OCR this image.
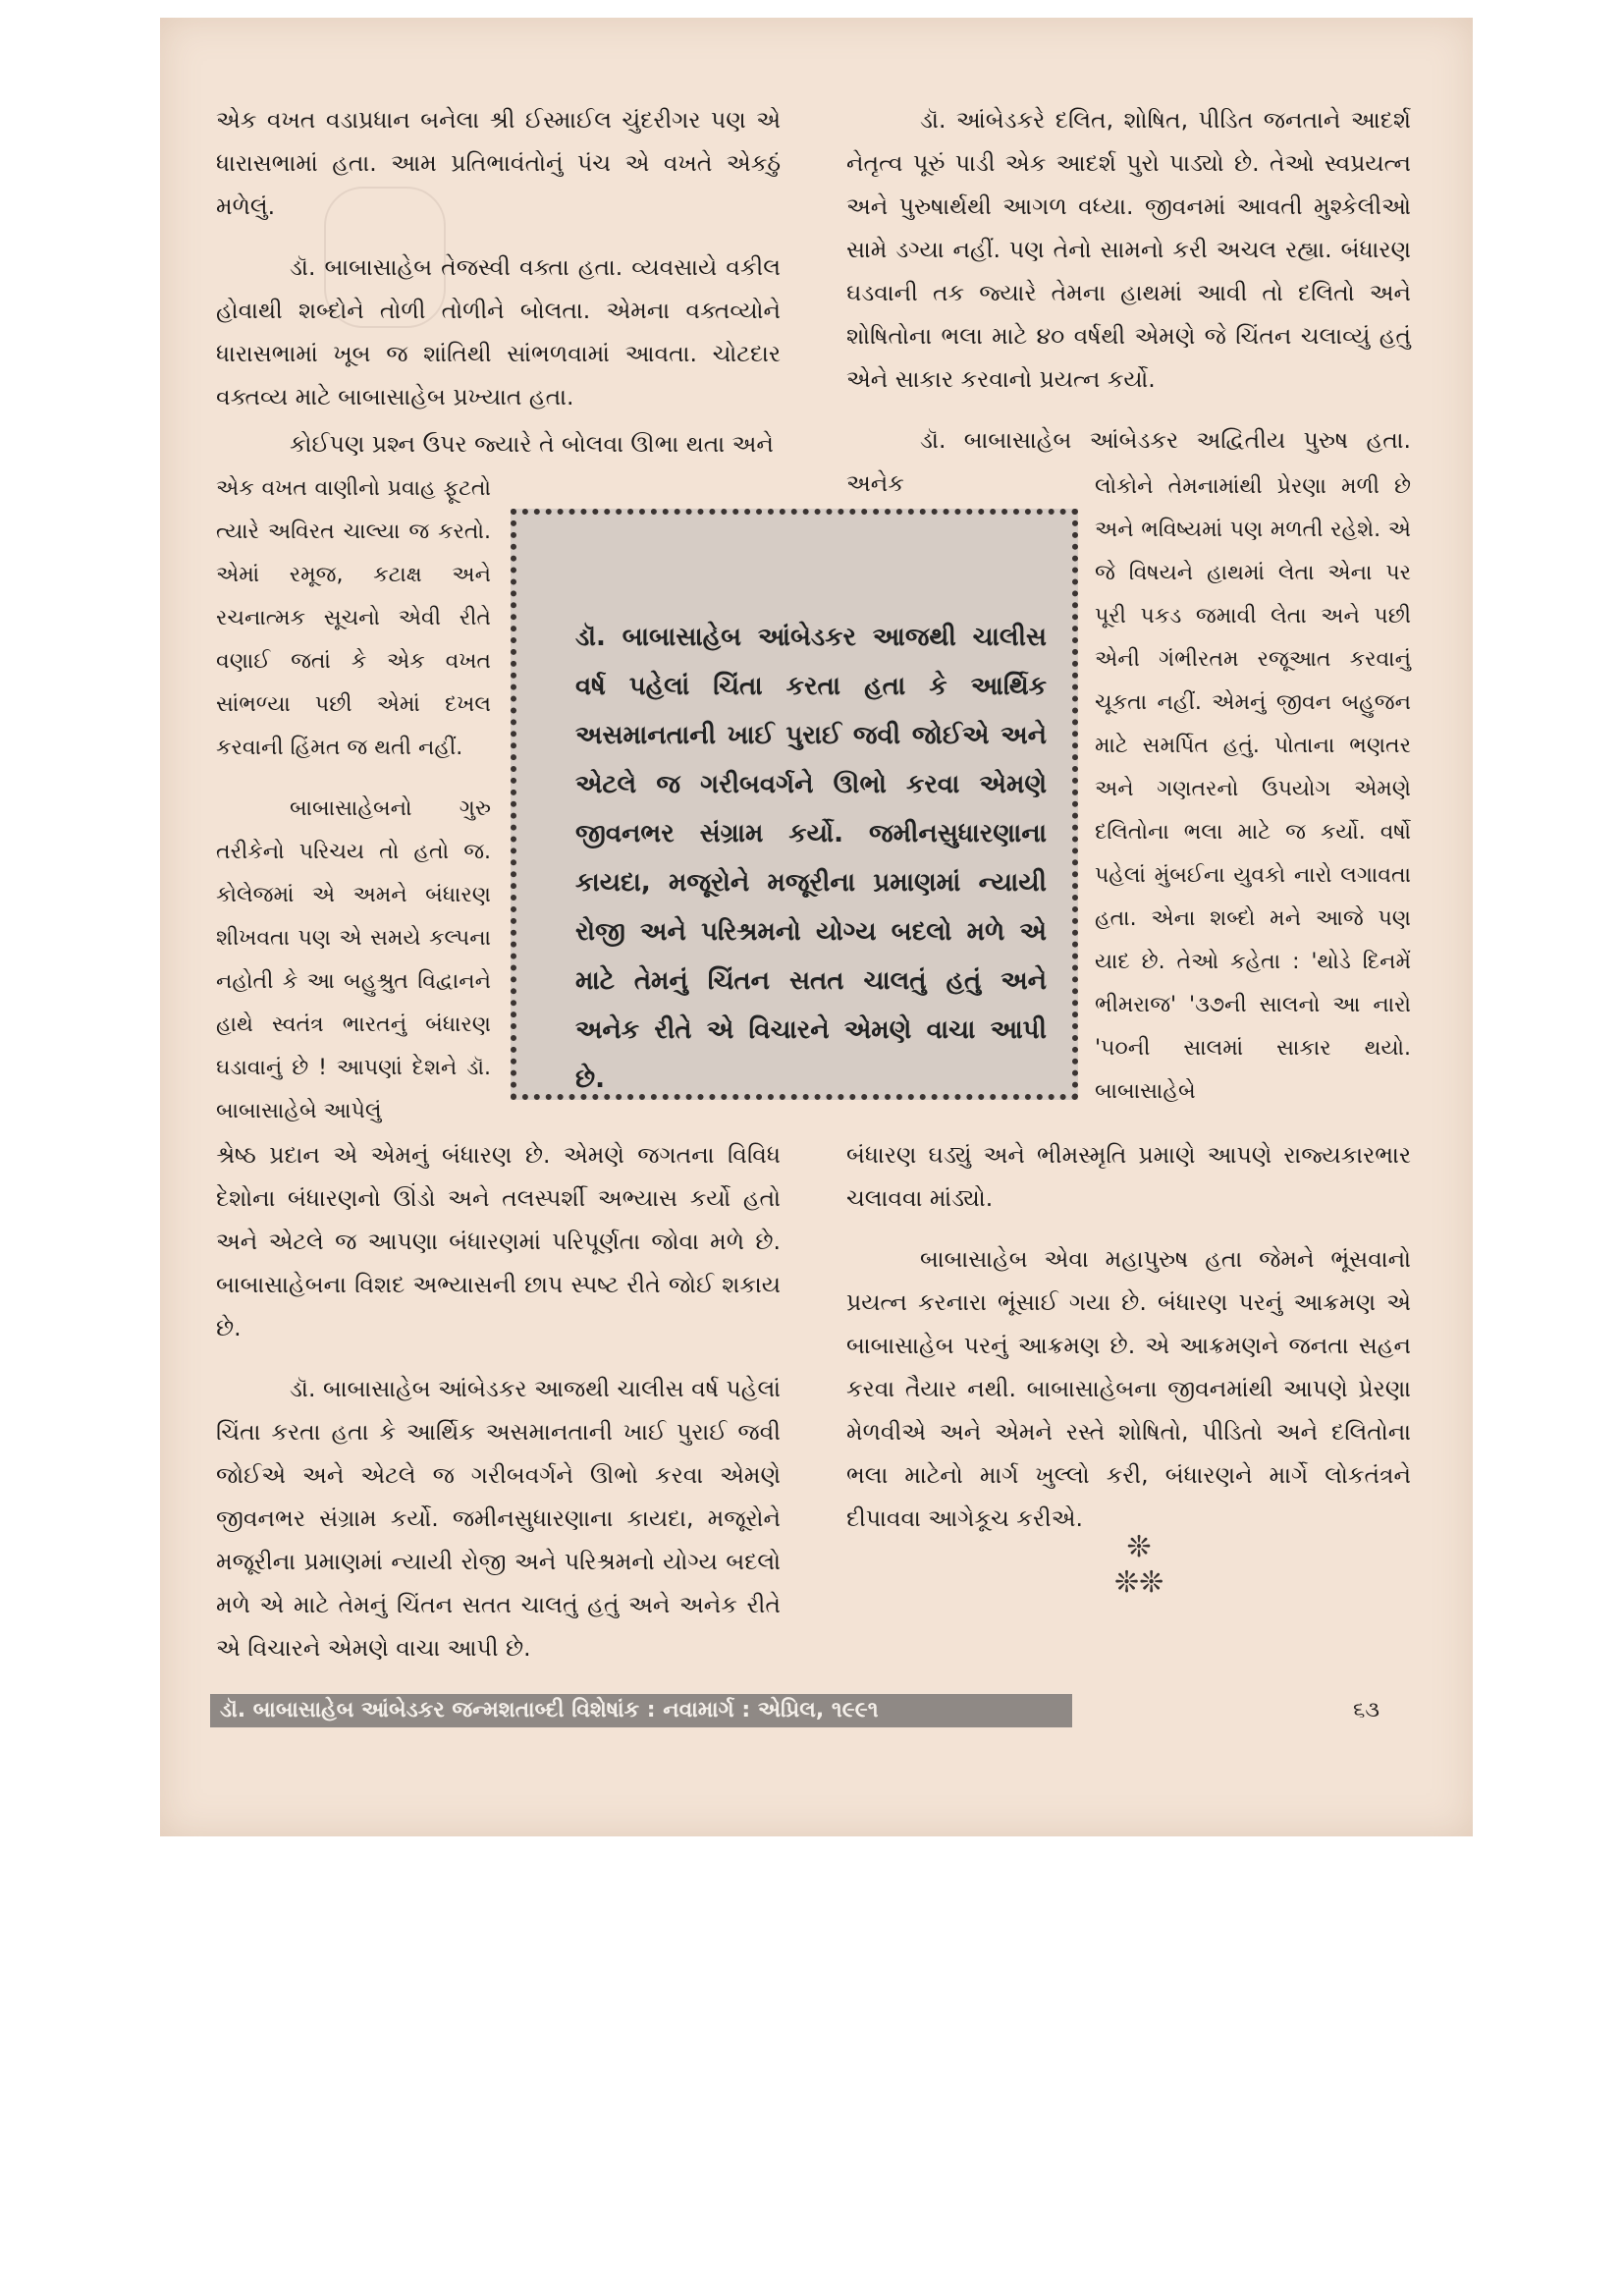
એક વખત વડાપ્રધાન બનેલા શ્રી ઈસ્માઈલ ચુંદરીગર પણ એ ધારાસભામાં હતા. આમ પ્રતિભાવંતોનું પંચ એ વખતે એકઠું મળેલું.

ડૉ. બાબાસાહેબ તેજસ્વી વક્તા હતા. વ્યવસાયે વકીલ હોવાથી શબ્દોને તોળી તોળીને બોલતા. એમના વક્તવ્યોને ધારાસભામાં ખૂબ જ શાંતિથી સાંભળવામાં આવતા. ચોટદાર વક્તવ્ય માટે બાબાસાહેબ પ્રખ્યાત હતા.

કોઈપણ પ્રશ્ન ઉપર જ્યારે તે બોલવા ઊભા થતા અને

એક વખત વાણીનો પ્રવાહ ફૂટતો ત્યારે અવિરત ચાલ્યા જ કરતો. એમાં રમૂજ, કટાક્ષ અને રચનાત્મક સૂચનો એવી રીતે વણાઈ જતાં કે એક વખત સાંભળ્યા પછી એમાં દખલ કરવાની હિંમત જ થતી નહીં.

બાબાસાહેબનો ગુરુ તરીકેનો પરિચય તો હતો જ. કોલેજમાં એ અમને બંધારણ શીખવતા પણ એ સમયે કલ્પના નહોતી કે આ બહુશ્રુત વિદ્વાનને હાથે સ્વતંત્ર ભારતનું બંધારણ ઘડાવાનું છે ! આપણાં દેશને ડૉ. બાબાસાહેબે આપેલું

શ્રેષ્ઠ પ્રદાન એ એમનું બંધારણ છે. એમણે જગતના વિવિધ દેશોના બંધારણનો ઊંડો અને તલસ્પર્શી અભ્યાસ કર્યો હતો અને એટલે જ આપણા બંધારણમાં પરિપૂર્ણતા જોવા મળે છે. બાબાસાહેબના વિશદ અભ્યાસની છાપ સ્પષ્ટ રીતે જોઈ શકાય છે.

ડૉ. બાબાસાહેબ આંબેડકર આજથી ચાલીસ વર્ષ પહેલાં ચિંતા કરતા હતા કે આર્થિક અસમાનતાની ખાઈ પુરાઈ જવી જોઈએ અને એટલે જ ગરીબવર્ગને ઊભો કરવા એમણે જીવનભર સંગ્રામ કર્યો. જમીનસુધારણાના કાયદા, મજૂરોને મજૂરીના પ્રમાણમાં ન્યાયી રોજી અને પરિશ્રમનો યોગ્ય બદલો મળે એ માટે તેમનું ચિંતન સતત ચાલતું હતું અને અનેક રીતે એ વિચારને એમણે વાચા આપી છે.

ડૉ. બાબાસાહેબ આંબેડકર આજથી ચાલીસ વર્ષ પહેલાં ચિંતા કરતા હતા કે આર્થિક અસમાનતાની ખાઈ પુરાઈ જવી જોઈએ અને એટલે જ ગરીબવર્ગને ઊભો કરવા એમણે જીવનભર સંગ્રામ કર્યો. જમીનસુધારણાના કાયદા, મજૂરોને મજૂરીના પ્રમાણમાં ન્યાયી રોજી અને પરિશ્રમનો યોગ્ય બદલો મળે એ માટે તેમનું ચિંતન સતત ચાલતું હતું અને અનેક રીતે એ વિચારને એમણે વાચા આપી છે.

ડૉ. આંબેડકરે દલિત, શોષિત, પીડિત જનતાને આદર્શ નેતૃત્વ પૂરું પાડી એક આદર્શ પુરો પાડ્યો છે. તેઓ સ્વપ્રયત્ન અને પુરુષાર્થથી આગળ વધ્યા. જીવનમાં આવતી મુશ્કેલીઓ સામે ડગ્યા નહીં. પણ તેનો સામનો કરી અચલ રહ્યા. બંધારણ ઘડવાની તક જ્યારે તેમના હાથમાં આવી તો દલિતો અને શોષિતોના ભલા માટે ૪૦ વર્ષથી એમણે જે ચિંતન ચલાવ્યું હતું એને સાકાર કરવાનો પ્રયત્ન કર્યો.

ડૉ. બાબાસાહેબ આંબેડકર અદ્વિતીય પુરુષ હતા. અનેક	લોકોને તેમનામાંથી પ્રેરણા મળી છે અને ભવિષ્યમાં પણ મળતી રહેશે. એ જે વિષયને હાથમાં લેતા એના પર પૂરી પકડ જમાવી લેતા અને પછી એની ગંભીરતમ રજૂઆત કરવાનું ચૂકતા નહીં. એમનું જીવન બહુજન માટે સમર્પિત હતું. પોતાના ભણતર અને ગણતરનો ઉપયોગ એમણે દલિતોના ભલા માટે જ કર્યો. વર્ષો પહેલાં મુંબઈના યુવકો નારો લગાવતા હતા. એના શબ્દો મને આજે પણ યાદ છે. તેઓ કહેતા : 'થોડે દિનમેં ભીમરાજ' '૩૭ની સાલનો આ નારો '૫૦ની સાલમાં સાકાર થયો. બાબાસાહેબે

બંધારણ ઘડ્યું અને ભીમસ્મૃતિ પ્રમાણે આપણે રાજ્યકારભાર ચલાવવા માંડ્યો.

બાબાસાહેબ એવા મહાપુરુષ હતા જેમને ભૂંસવાનો પ્રયત્ન કરનારા ભૂંસાઈ ગયા છે. બંધારણ પરનું આક્રમણ એ બાબાસાહેબ પરનું આક્રમણ છે. એ આક્રમણને જનતા સહન કરવા તૈયાર નથી. બાબાસાહેબના જીવનમાંથી આપણે પ્રેરણા મેળવીએ અને એમને રસ્તે શોષિતો, પીડિતો અને દલિતોના ભલા માટેનો માર્ગ ખુલ્લો કરી, બંધારણને માર્ગે લોકતંત્રને દીપાવવા આગેકૂચ કરીએ.

❊
❊❊
ડૉ. બાબાસાહેબ આંબેડકર જન્મશતાબ્દી વિશેષાંક : નવામાર્ગ : એપ્રિલ, ૧૯૯૧	૬૩
